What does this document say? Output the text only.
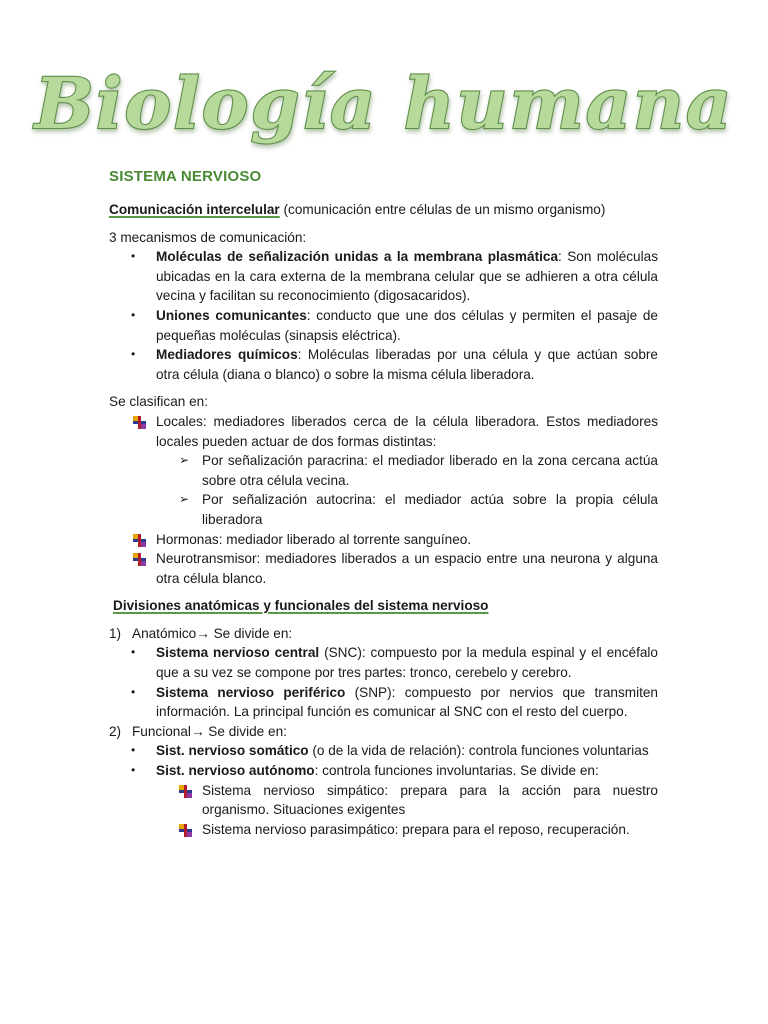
Biología humana
SISTEMA NERVIOSO

Comunicación intercelular (comunicación entre células de un mismo organismo)

3 mecanismos de comunicación:

• Moléculas de señalización unidas a la membrana plasmática: Son moléculas ubicadas en la cara externa de la membrana celular que se adhieren a otra célula vecina y facilitan su reconocimiento (digosacaridos).
• Uniones comunicantes: conducto que une dos células y permiten el pasaje de pequeñas moléculas (sinapsis eléctrica).
• Mediadores químicos: Moléculas liberadas por una célula y que actúan sobre otra célula (diana o blanco) o sobre la misma célula liberadora.

Se clasifican en:

Locales: mediadores liberados cerca de la célula liberadora. Estos mediadores locales pueden actuar de dos formas distintas:
➢ Por señalización paracrina: el mediador liberado en la zona cercana actúa sobre otra célula vecina.
➢ Por señalización autocrina: el mediador actúa sobre la propia célula liberadora
Hormonas: mediador liberado al torrente sanguíneo.
Neurotransmisor: mediadores liberados a un espacio entre una neurona y alguna otra célula blanco.

Divisiones anatómicas y funcionales del sistema nervioso

1) Anatómico→ Se divide en:
• Sistema nervioso central (SNC): compuesto por la medula espinal y el encéfalo que a su vez se compone por tres partes: tronco, cerebelo y cerebro.
• Sistema nervioso periférico (SNP): compuesto por nervios que transmiten información. La principal función es comunicar al SNC con el resto del cuerpo.
2) Funcional→ Se divide en:
• Sist. nervioso somático (o de la vida de relación): controla funciones voluntarias
• Sist. nervioso autónomo: controla funciones involuntarias. Se divide en:
Sistema nervioso simpático: prepara para la acción para nuestro organismo. Situaciones exigentes
Sistema nervioso parasimpático: prepara para el reposo, recuperación.
